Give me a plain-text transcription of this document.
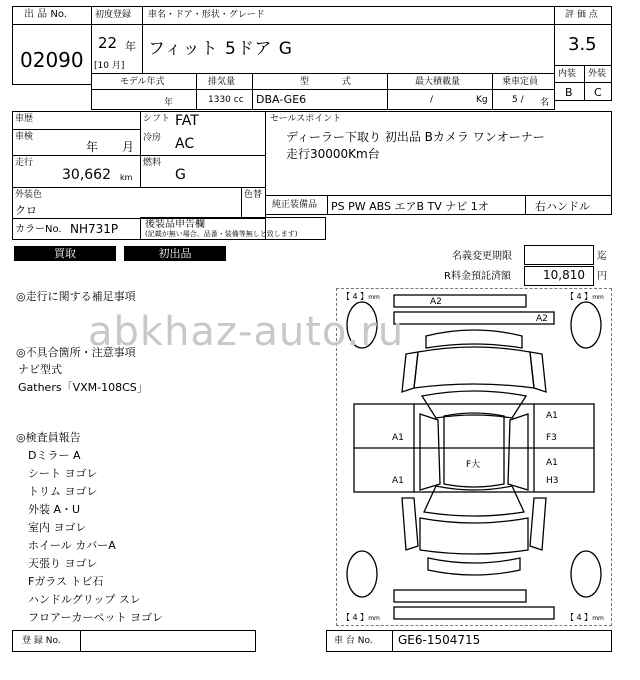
出 品 No.
02090
初度登録 車名・ドア・形状・グレード
22 年
[10 月]
フィット 5ドア G
評 価 点
3.5
内装 外装
B C
モデル年式	排気量	型 式	最大積載量	乗車定員
年	1330 cc DBA-GE6	/	Kg	5 / 名
車歴
車検
年 月
走行
30,662 km
シフト FAT
冷房 AC
燃料
G
外装色
クロ
色替
カラーNo. NH731P	後装品申告欄
(記載が無い場合、品番・装備等無しと致します)
セールスポイント
ディーラー下取り 初出品 Bカメラ ワンオーナー
走行30000Km台
純正装備品 PS PW ABS エアB TV ナビ 1オ	右ハンドル
買取	初出品	名義変更期限	迄
R料金預託済額	10,810 円
◎走行に関する補足事項
◎不具合箇所・注意事項
ナビ型式
Gathers「VXM-108CS」
◎検査員報告
Dミラー A
シート ヨゴレ
トリム ヨゴレ
外装 A・U
室内 ヨゴレ
ホイール カバーA
天張り ヨゴレ
Fガラス トビ石
ハンドルグリップ スレ
フロアーカーペット ヨゴレ
【 4 】mm	【 4 】mm
【 4 】mm	【 4 】mm
A2
A2
A1
A1
A1
F3
A1
H3
F大
abkhaz-auto.ru
登 録 No.	車 台 No. GE6-1504715
